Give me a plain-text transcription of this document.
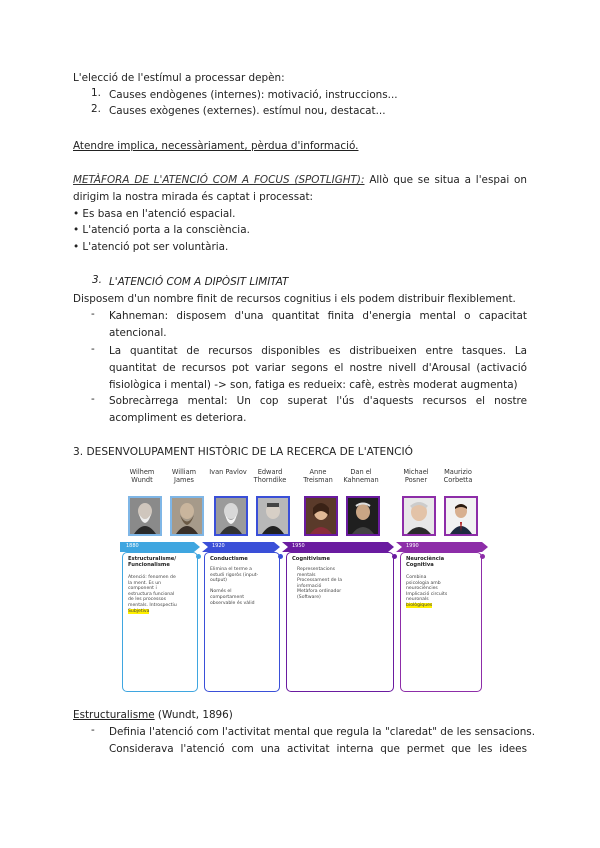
L'elecció de l'estímul a processar depèn:
1. Causes endògenes (internes): motivació, instruccions...
2. Causes exògenes (externes). estímul nou, destacat...
Atendre implica, necessàriament, pèrdua d'informació.
METÀFORA DE L'ATENCIÓ COM A FOCUS (SPOTLIGHT): Allò que se situa a l'espai on
dirigim la nostra mirada és captat i processat:
• Es basa en l'atenció espacial.
• L'atenció porta a la consciència.
• L'atenció pot ser voluntària.
3. L'ATENCIÓ COM A DIPÒSIT LIMITAT
Disposem d'un nombre finit de recursos cognitius i els podem distribuir flexiblement.
- Kahneman: disposem d'una quantitat finita d'energia mental o capacitat
atencional.
- La quantitat de recursos disponibles es distribueixen entre tasques. La
quantitat de recursos pot variar segons el nostre nivell d'Arousal (activació
fisiològica i mental) -> son, fatiga es redueix: cafè, estrès moderat augmenta)
- Sobrecàrrega mental: Un cop superat l'ús d'aquests recursos el nostre
acompliment es deteriora.
3. DESENVOLUPAMENT HISTÒRIC DE LA RECERCA DE L'ATENCIÓ
Wilhem Wundt
William James
Ivan Pavlov	Edward Thorndike
Anne Treisman
Dan el Kahneman
Michael Posner
Maurizio Corbetta
1880	1920	1950	1990
Estructuralisme/ Funcionalisme
Atenció: fenomen de
la ment. Es un
component i
estructura funcional
de les processos
mentals. Introspectiu
Subjetiva
Conductisme
Elimina el terme a
estudi rigoròs (input-
output)

Només el
comportament
observable és vàlid
Cognitivisme
Representacions
mentals
Processament de la
informació
Metàfora ordinador
(Software)
Neurociència Cognitiva
Combina
psicologia amb
neurociències
Implicació circuits
neuronals
biològiques
Estructuralisme (Wundt, 1896)
- Definia l'atenció com l'activitat mental que regula la "claredat" de les sensacions.
Considerava l'atenció com una activitat interna que permet que les idees
